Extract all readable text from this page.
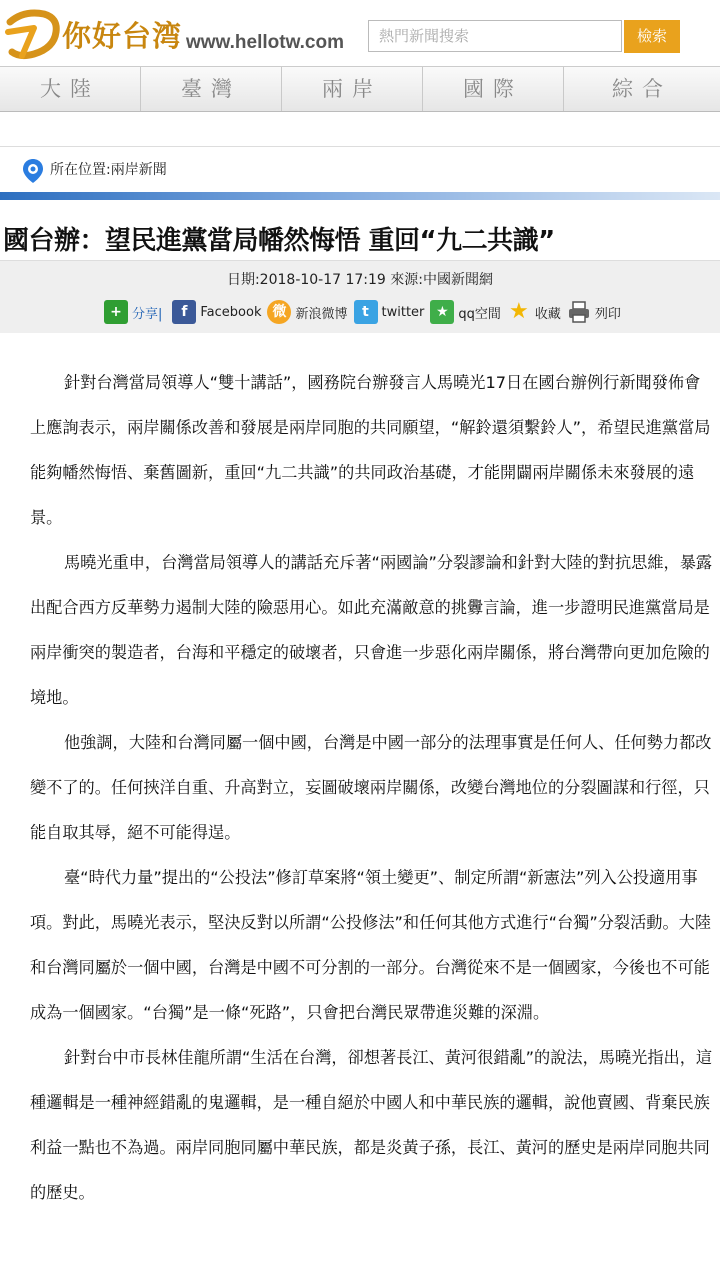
你好台湾 www.hellotw.com	熱門新聞搜索	檢索
大陸	臺灣	兩岸	國際	綜合
所在位置:兩岸新聞
國台辦：望民進黨當局幡然悔悟 重回“九二共識”
日期:2018-10-17 17:19 來源:中國新聞網
+ 分享|	f Facebook 微 新浪微博	t twitter ★ qq空間 ★ 收藏	列印

針對台灣當局領導人“雙十講話”，國務院台辦發言人馬曉光17日在國台辦例行新聞發佈會上應詢表示，兩岸關係改善和發展是兩岸同胞的共同願望，“解鈴還須繫鈴人”，希望民進黨當局能夠幡然悔悟、棄舊圖新，重回“九二共識”的共同政治基礎，才能開闢兩岸關係未來發展的遠景。

馬曉光重申，台灣當局領導人的講話充斥著“兩國論”分裂謬論和針對大陸的對抗思維，暴露出配合西方反華勢力遏制大陸的險惡用心。如此充滿敵意的挑釁言論，進一步證明民進黨當局是兩岸衝突的製造者，台海和平穩定的破壞者，只會進一步惡化兩岸關係，將台灣帶向更加危險的境地。

他強調，大陸和台灣同屬一個中國，台灣是中國一部分的法理事實是任何人、任何勢力都改變不了的。任何挾洋自重、升高對立，妄圖破壞兩岸關係，改變台灣地位的分裂圖謀和行徑，只能自取其辱，絕不可能得逞。

臺“時代力量”提出的“公投法”修訂草案將“領土變更”、制定所謂“新憲法”列入公投適用事項。對此，馬曉光表示，堅決反對以所謂“公投修法”和任何其他方式進行“台獨”分裂活動。大陸和台灣同屬於一個中國，台灣是中國不可分割的一部分。台灣從來不是一個國家，今後也不可能成為一個國家。“台獨”是一條“死路”，只會把台灣民眾帶進災難的深淵。

針對台中市長林佳龍所謂“生活在台灣，卻想著長江、黃河很錯亂”的說法，馬曉光指出，這種邏輯是一種神經錯亂的鬼邏輯，是一種自絕於中國人和中華民族的邏輯，說他賣國、背棄民族利益一點也不為過。兩岸同胞同屬中華民族，都是炎黃子孫，長江、黃河的歷史是兩岸同胞共同的歷史。
